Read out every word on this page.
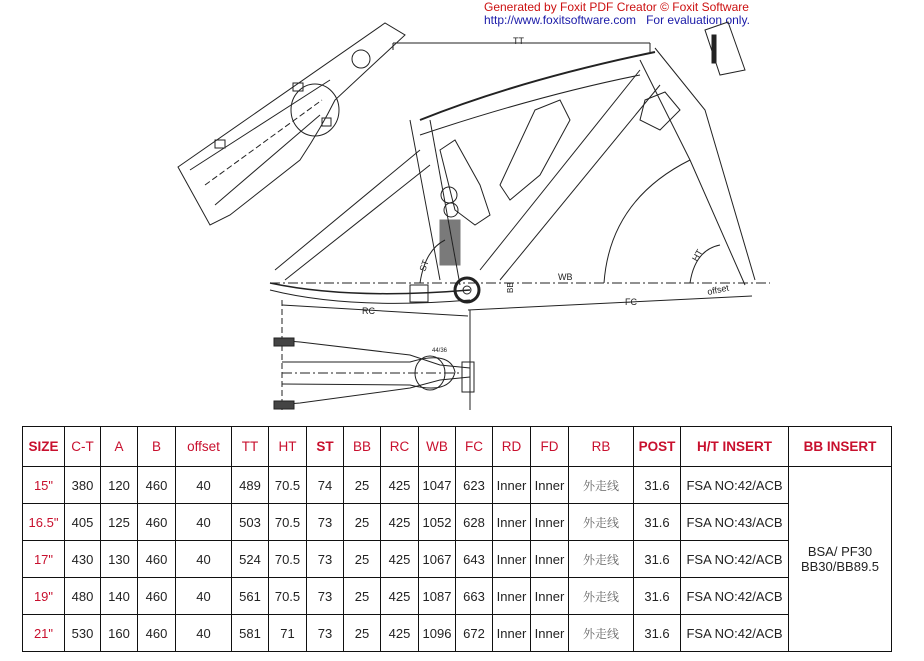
Generated by Foxit PDF Creator © Foxit Software
http://www.foxitsoftware.com For evaluation only.
WB
TT
FC
offset
RC
HT
ST
BB
44/36
SIZE	C-T	A	B	offset	TT	HT	ST	BB	RC	WB	FC	RD	FD	RB	POST	H/T INSERT	BB INSERT
15"	380	120	460	40	489	70.5	74	25	425	1047	623	Inner	Inner	外走线	31.6	FSA NO:42/ACB	BSA/ PF30
BB30/BB89.5

16.5"	405	125	460	40	503	70.5	73	25	425	1052	628	Inner	Inner	外走线	31.6	FSA NO:43/ACB	
17"	430	130	460	40	524	70.5	73	25	425	1067	643	Inner	Inner	外走线	31.6	FSA NO:42/ACB	
19"	480	140	460	40	561	70.5	73	25	425	1087	663	Inner	Inner	外走线	31.6	FSA NO:42/ACB	
21"	530	160	460	40	581	71	73	25	425	1096	672	Inner	Inner	外走线	31.6	FSA NO:42/ACB	
